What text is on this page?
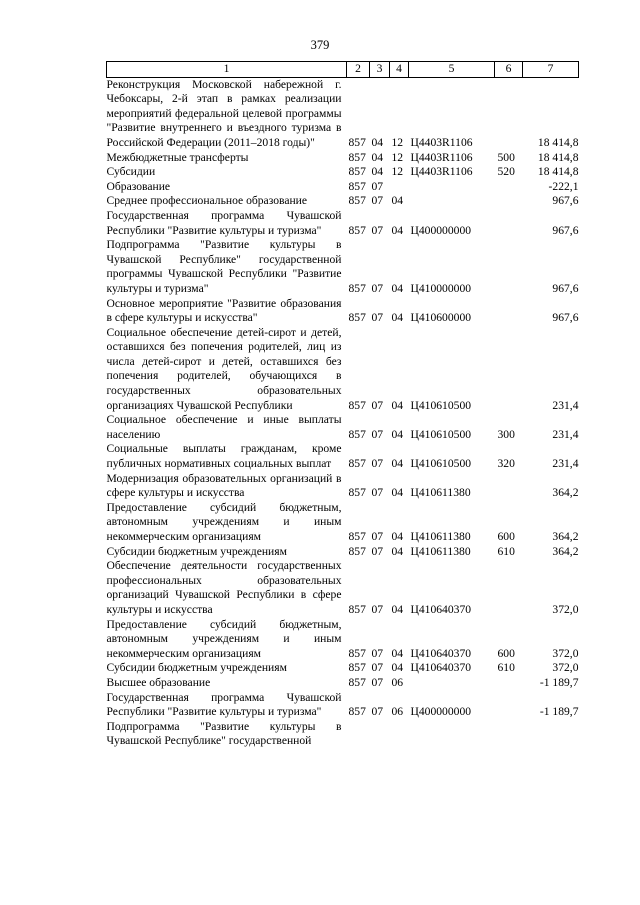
379
1	2	3	4	5	6	7
Реконструкция Московской набережной г. Чебоксары, 2-й этап в рамках реализации мероприятий федеральной целевой программы "Развитие внутреннего и въездного туризма в Российской Федерации (2011–2018 годы)"	857	04	12	Ц4403R1106		18 414,8
Межбюджетные трансферты	857	04	12	Ц4403R1106	500	18 414,8
Субсидии	857	04	12	Ц4403R1106	520	18 414,8
Образование	857	07				-222,1
Среднее профессиональное образование	857	07	04			967,6
Государственная программа Чувашской Республики "Развитие культуры и туризма"	857	07	04	Ц400000000		967,6
Подпрограмма "Развитие культуры в Чувашской Республике" государственной программы Чувашской Республики "Развитие культуры и туризма"	857	07	04	Ц410000000		967,6
Основное мероприятие "Развитие образования в сфере культуры и искусства"	857	07	04	Ц410600000		967,6
Социальное обеспечение детей-сирот и детей, оставшихся без попечения родителей, лиц из числа детей-сирот и детей, оставшихся без попечения родителей, обучающихся в государственных образовательных организациях Чувашской Республики	857	07	04	Ц410610500		231,4
Социальное обеспечение и иные выплаты населению	857	07	04	Ц410610500	300	231,4
Социальные выплаты гражданам, кроме публичных нормативных социальных выплат	857	07	04	Ц410610500	320	231,4
Модернизация образовательных организаций в сфере культуры и искусства	857	07	04	Ц410611380		364,2
Предоставление субсидий бюджетным, автономным учреждениям и иным некоммерческим организациям	857	07	04	Ц410611380	600	364,2
Субсидии бюджетным учреждениям	857	07	04	Ц410611380	610	364,2
Обеспечение деятельности государственных профессиональных образовательных организаций Чувашской Республики в сфере культуры и искусства	857	07	04	Ц410640370		372,0
Предоставление субсидий бюджетным, автономным учреждениям и иным некоммерческим организациям	857	07	04	Ц410640370	600	372,0
Субсидии бюджетным учреждениям	857	07	04	Ц410640370	610	372,0
Высшее образование	857	07	06			-1 189,7
Государственная программа Чувашской Республики "Развитие культуры и туризма"	857	07	06	Ц400000000		-1 189,7
Подпрограмма "Развитие культуры в Чувашской Республике" государственной						
